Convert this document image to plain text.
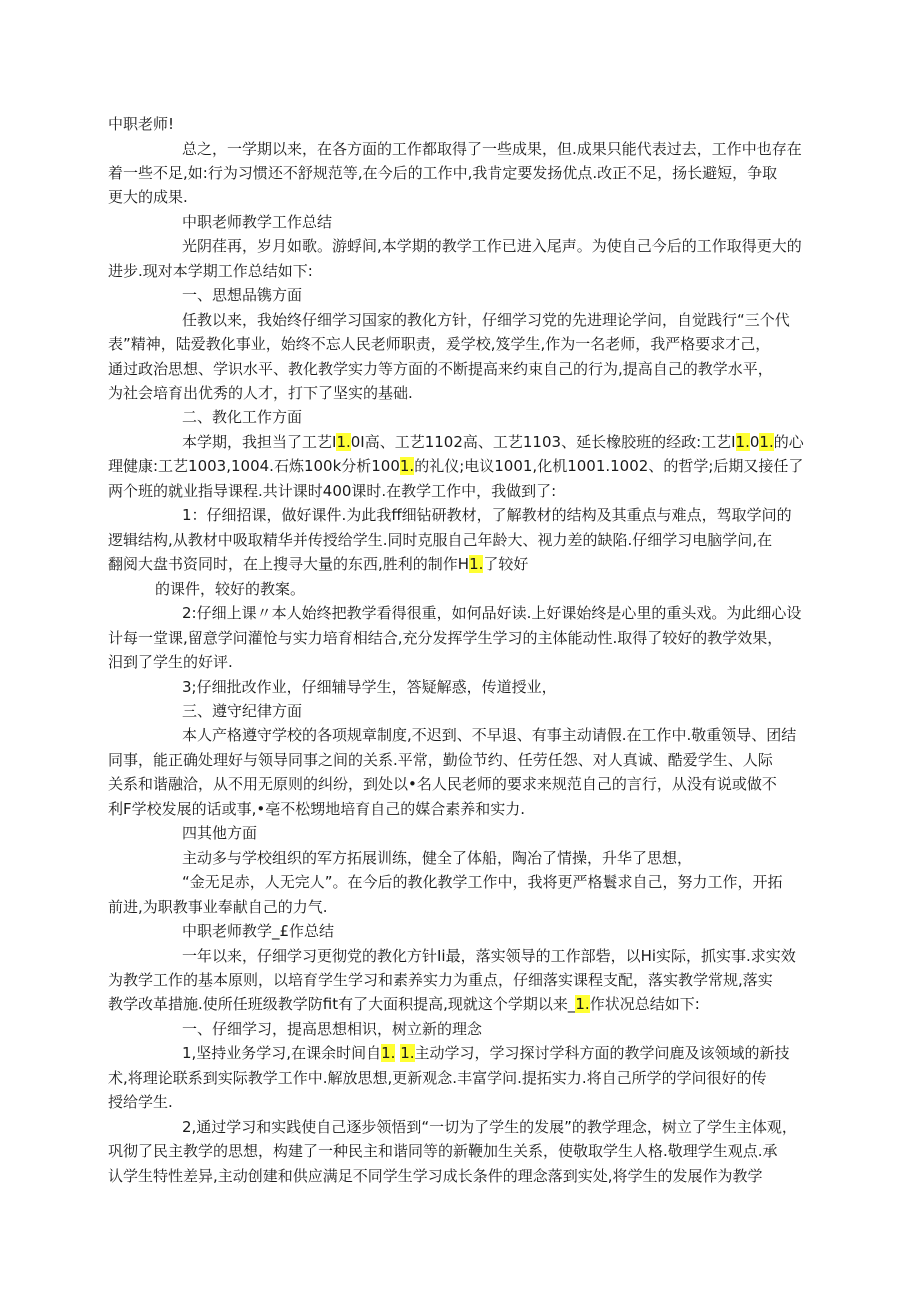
中职老师!
总之，一学期以来，在各方面的工作都取得了一些成果，但.成果只能代表过去，工作中也存在
着一些不足,如:行为习惯还不舒规范等,在今后的工作中,我肯定要发扬优点.改正不足，扬长避短，争取
更大的成果.
中职老师教学工作总结
光阴荏再，岁月如歌。游蜉间,本学期的教学工作已进入尾声。为使自己今后的工作取得更大的
进步.现对本学期工作总结如下:
一、思想品镌方面
任教以来，我始终仔细学习国家的教化方针，仔细学习党的先进理论学问，自觉践行“三个代
表”精神，陆爱教化事业，始终不忘人民老师职责，爰学校,笈学生,作为一名老师，我严格要求才己，
通过政治思想、学识水平、教化教学实力等方面的不断提高来约束自己的行为,提高自己的教学水平，
为社会培育出优秀的人才，打下了坚实的基础.
二、教化工作方面
本学期，我担当了工艺I1.0I高、工艺1102高、工艺1103、延长橡胶班的经政:工艺I1.01.的心
理健康:工艺1003,1004.石炼100k分析1001.的礼仪;电议1001,化机1001.1002、的哲学;后期又接任了
两个班的就业指导课程.共计课时400课时.在教学工作中，我做到了:
1：仔细招课，做好课件.为此我ff细钻研教材，了解教材的结构及其重点与难点，驾取学问的
逻辑结构,从教材中吸取精华并传授给学生.同时克服自己年龄大、视力差的缺陷.仔细学习电脑学问,在
翻阅大盘书资同时，在上搜寻大量的东西,胜利的制作H1.了较好
的课件，较好的教案。
2:仔细上课〃本人始终把教学看得很重，如何品好读.上好课始终是心里的重头戏。为此细心设
计每一堂课,留意学问灌怆与实力培育相结合,充分发挥学生学习的主体能动性.取得了较好的教学效果，
汨到了学生的好评.
3;仔细批改作业，仔细辅导学生，答疑解惑，传道授业，
三、遵守纪律方面
本人产格遵守学校的各项规章制度,不迟到、不早退、有事主动请假.在工作中.敬重领导、团结
同事，能正确处理好与领导同事之间的关系.平常，勤俭节约、任劳任怨、对人真诚、酷爱学生、人际
关系和谐融洽，从不用无原则的纠纷，到处以•名人民老师的要求来规范自己的言行，从没有说或做不
利F学校发展的话或事,•亳不松甥地培育自己的媒合素养和实力.
四其他方面
主动多与学校组织的军方拓展训练，健全了体船，陶冶了情操，升华了思想，
“金无足赤，人无完人”。在今后的教化教学工作中，我将更严格鬟求自己，努力工作，开拓
前进,为职教事业奉献自己的力气.
中职老师教学_£作总结
一年以来，仔细学习更彻党的教化方针Ii最，落实领导的工作部砦，以Hi实际，抓实事.求实效
为教学工作的基本原则，以培育学生学习和素养实力为重点，仔细落实课程支配，落实教学常规,落实
教学改革措施.使所任班级教学防fit有了大面积提高,现就这个学期以来_1.作状况总结如下:
一、仔细学习，提高思想相识，树立新的理念
1,坚持业务学习,在课余时间自1. 1.主动学习，学习探讨学科方面的教学问鹿及该领域的新技
术,将理论联系到实际教学工作中.解放思想,更新观念.丰富学问.提拓实力.将自己所学的学问很好的传
授给学生.
2,通过学习和实践使自己逐步领悟到“一切为了学生的发展”的教学理念，树立了学生主体观，
巩彻了民主教学的思想，构建了一种民主和谐同等的新鞭加生关系，使敬取学生人格.敬理学生观点.承
认学生特性差异,主动创建和供应满足不同学生学习成长条件的理念落到实处,将学生的发展作为教学
